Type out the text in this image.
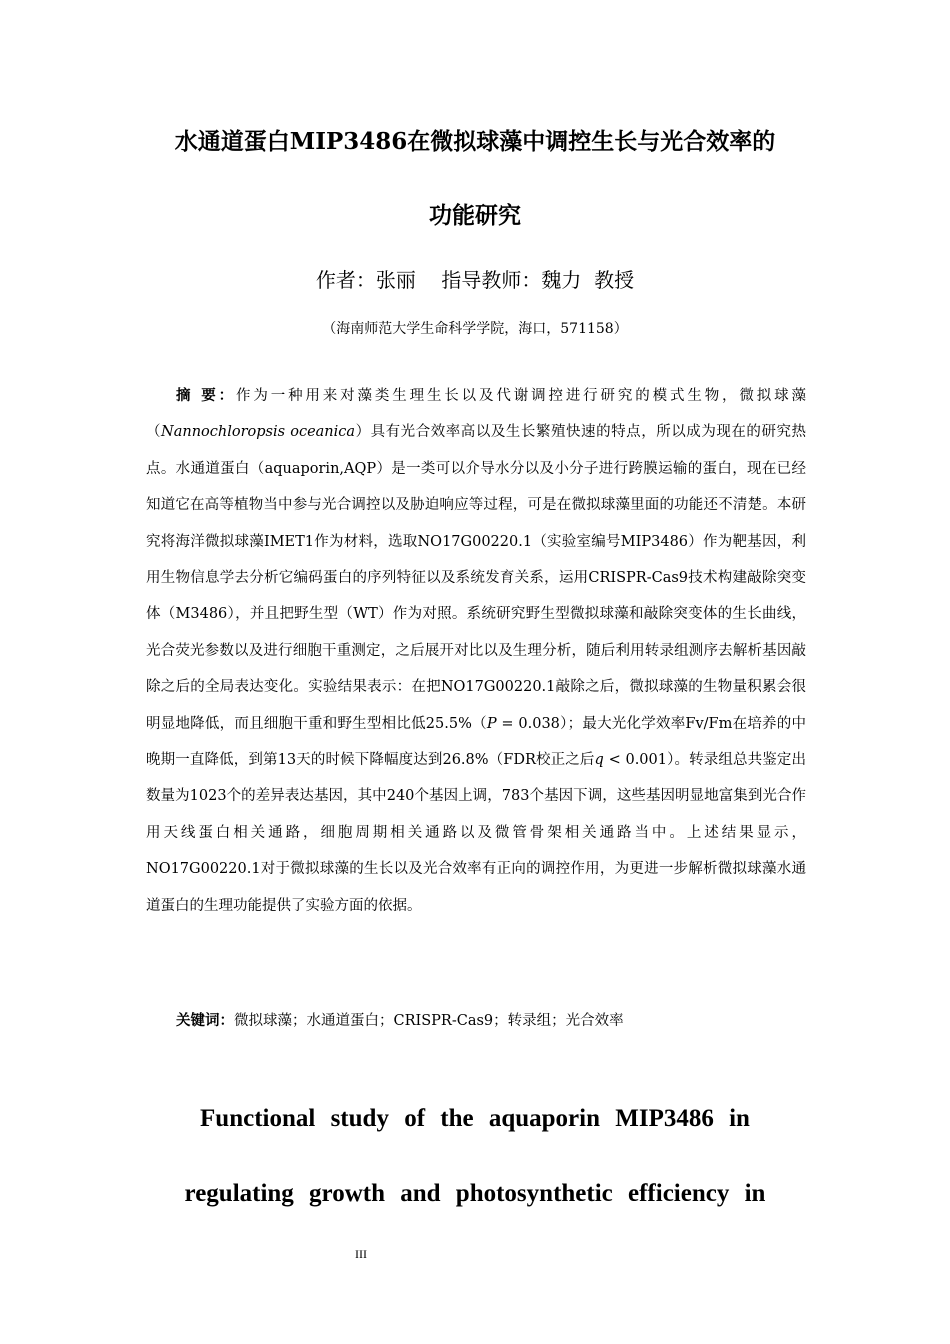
水通道蛋白MIP3486在微拟球藻中调控生长与光合效率的
功能研究
作者：张丽    指导教师：魏力  教授
（海南师范大学生命科学学院，海口，571158）

摘 要：作为一种用来对藻类生理生长以及代谢调控进行研究的模式生物，微拟球藻（Nannochloropsis oceanica）具有光合效率高以及生长繁殖快速的特点，所以成为现在的研究热点。水通道蛋白（aquaporin,AQP）是一类可以介导水分以及小分子进行跨膜运输的蛋白，现在已经知道它在高等植物当中参与光合调控以及胁迫响应等过程，可是在微拟球藻里面的功能还不清楚。本研究将海洋微拟球藻IMET1作为材料，选取NO17G00220.1（实验室编号MIP3486）作为靶基因，利用生物信息学去分析它编码蛋白的序列特征以及系统发育关系，运用CRISPR-Cas9技术构建敲除突变体（M3486），并且把野生型（WT）作为对照。系统研究野生型微拟球藻和敲除突变体的生长曲线，光合荧光参数以及进行细胞干重测定，之后展开对比以及生理分析，随后利用转录组测序去解析基因敲除之后的全局表达变化。实验结果表示：在把NO17G00220.1敲除之后，微拟球藻的生物量积累会很明显地降低，而且细胞干重和野生型相比低25.5%（P = 0.038）；最大光化学效率Fv/Fm在培养的中晚期一直降低，到第13天的时候下降幅度达到26.8%（FDR校正之后q < 0.001）。转录组总共鉴定出数量为1023个的差异表达基因，其中240个基因上调，783个基因下调，这些基因明显地富集到光合作用天线蛋白相关通路，细胞周期相关通路以及微管骨架相关通路当中。上述结果显示，NO17G00220.1对于微拟球藻的生长以及光合效率有正向的调控作用，为更进一步解析微拟球藻水通道蛋白的生理功能提供了实验方面的依据。

关键词：微拟球藻；水通道蛋白；CRISPR-Cas9；转录组；光合效率
Functional study of the aquaporin MIP3486 in
regulating growth and photosynthetic efficiency in
III
